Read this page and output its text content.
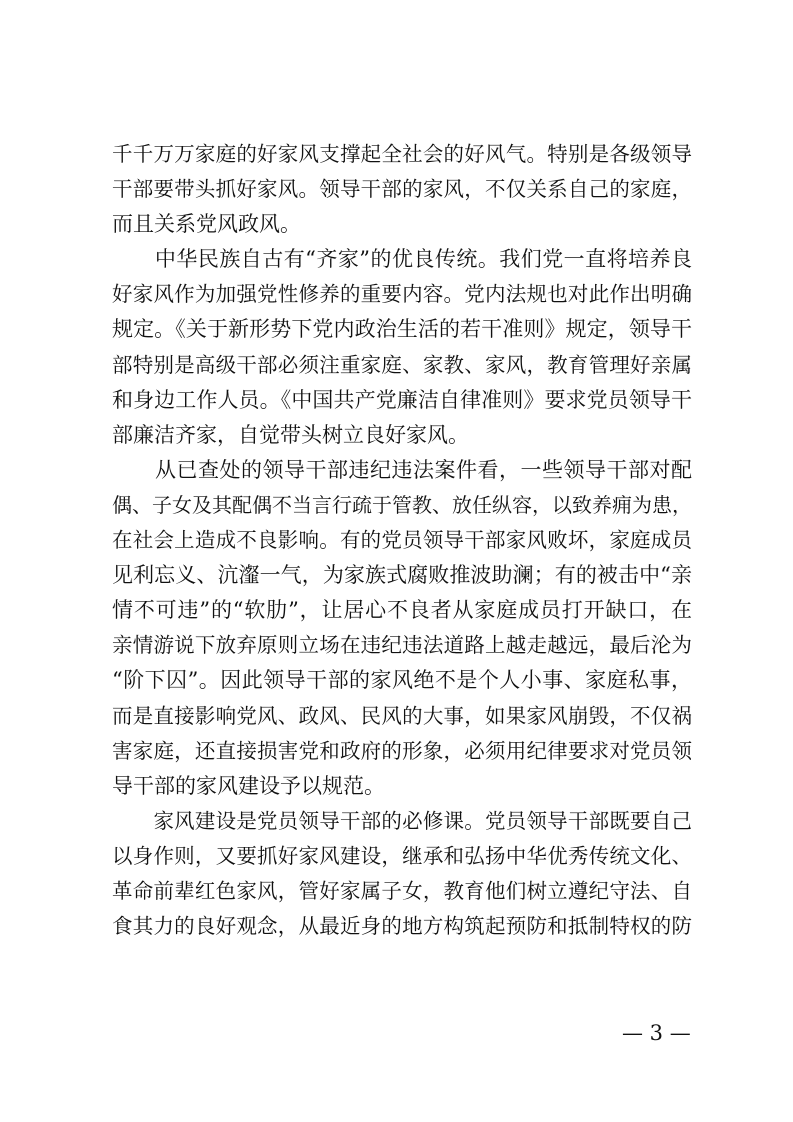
千千万万家庭的好家风支撑起全社会的好风气。特别是各级领导
干部要带头抓好家风。领导干部的家风，不仅关系自己的家庭，
而且关系党风政风。
　　中华民族自古有“齐家”的优良传统。我们党一直将培养良
好家风作为加强党性修养的重要内容。党内法规也对此作出明确
规定。《关于新形势下党内政治生活的若干准则》规定，领导干
部特别是高级干部必须注重家庭、家教、家风，教育管理好亲属
和身边工作人员。《中国共产党廉洁自律准则》要求党员领导干
部廉洁齐家，自觉带头树立良好家风。
　　从已查处的领导干部违纪违法案件看，一些领导干部对配
偶、子女及其配偶不当言行疏于管教、放任纵容，以致养痈为患，
在社会上造成不良影响。有的党员领导干部家风败坏，家庭成员
见利忘义、沆瀣一气，为家族式腐败推波助澜；有的被击中“亲
情不可违”的“软肋”，让居心不良者从家庭成员打开缺口，在
亲情游说下放弃原则立场在违纪违法道路上越走越远，最后沦为
“阶下囚”。因此领导干部的家风绝不是个人小事、家庭私事，
而是直接影响党风、政风、民风的大事，如果家风崩毁，不仅祸
害家庭，还直接损害党和政府的形象，必须用纪律要求对党员领
导干部的家风建设予以规范。
　　家风建设是党员领导干部的必修课。党员领导干部既要自己
以身作则，又要抓好家风建设，继承和弘扬中华优秀传统文化、
革命前辈红色家风，管好家属子女，教育他们树立遵纪守法、自
食其力的良好观念，从最近身的地方构筑起预防和抵制特权的防
— 3 —
